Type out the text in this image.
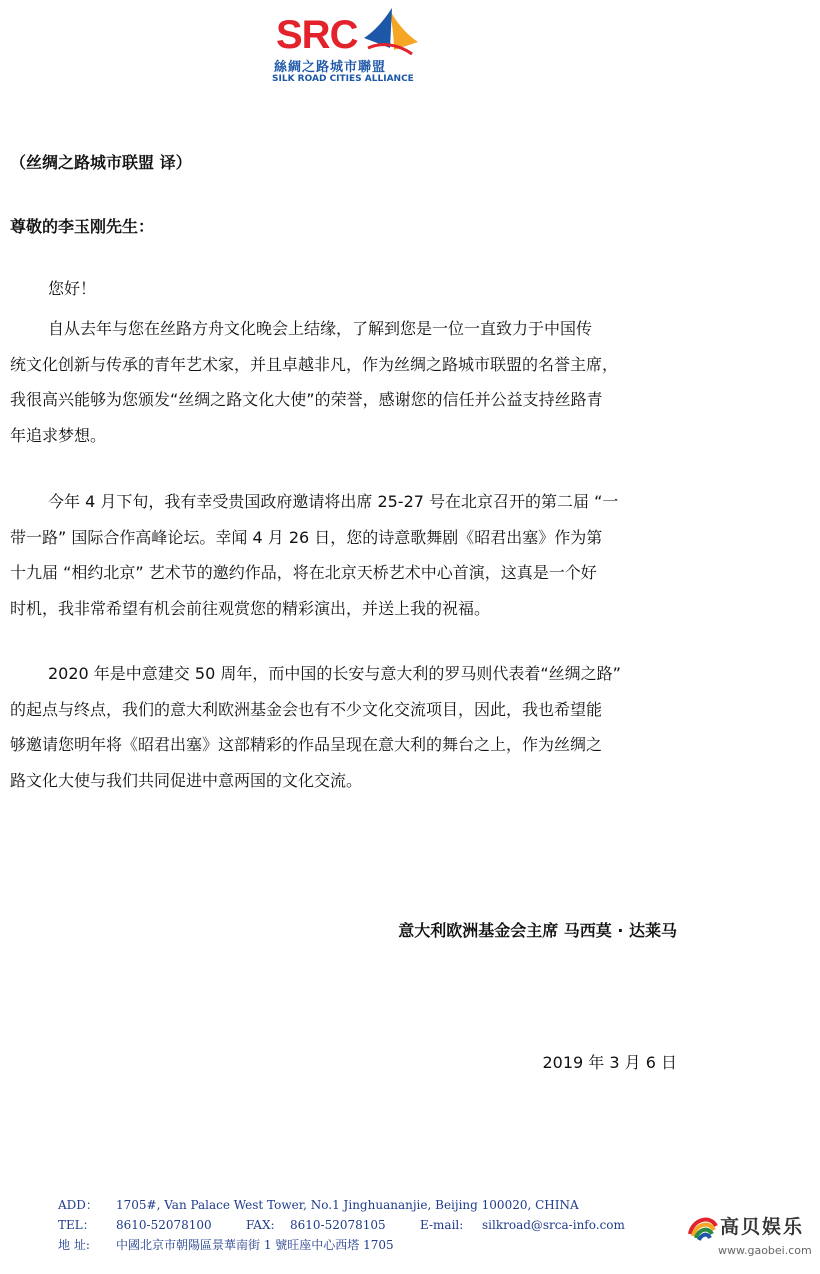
SRC
絲綢之路城市聯盟
SILK ROAD CITIES ALLIANCE
（丝绸之路城市联盟 译）
尊敬的李玉刚先生：
您好！
自从去年与您在丝路方舟文化晚会上结缘，了解到您是一位一直致力于中国传
统文化创新与传承的青年艺术家，并且卓越非凡，作为丝绸之路城市联盟的名誉主席，
我很高兴能够为您颁发“丝绸之路文化大使”的荣誉，感谢您的信任并公益支持丝路青
年追求梦想。
今年 4 月下旬，我有幸受贵国政府邀请将出席 25-27 号在北京召开的第二届 “一
带一路” 国际合作高峰论坛。幸闻 4 月 26 日，您的诗意歌舞剧《昭君出塞》作为第
十九届 “相约北京” 艺术节的邀约作品，将在北京天桥艺术中心首演，这真是一个好
时机，我非常希望有机会前往观赏您的精彩演出，并送上我的祝福。
2020 年是中意建交 50 周年，而中国的长安与意大利的罗马则代表着“丝绸之路”
的起点与终点，我们的意大利欧洲基金会也有不少文化交流项目，因此，我也希望能
够邀请您明年将《昭君出塞》这部精彩的作品呈现在意大利的舞台之上，作为丝绸之
路文化大使与我们共同促进中意两国的文化交流。
意大利欧洲基金会主席 马西莫 · 达莱马
2019 年 3 月 6 日
ADD： 1705#, Van Palace West Tower, No.1 Jinghuananjie, Beijing 100020, CHINA
TEL： 8610-52078100	FAX: 8610-52078105	E-mail: silkroad@srca-info.com
地 址: 中國北京市朝陽區景華南街 1 號旺座中心西塔 1705
高贝娱乐
www.gaobei.com
